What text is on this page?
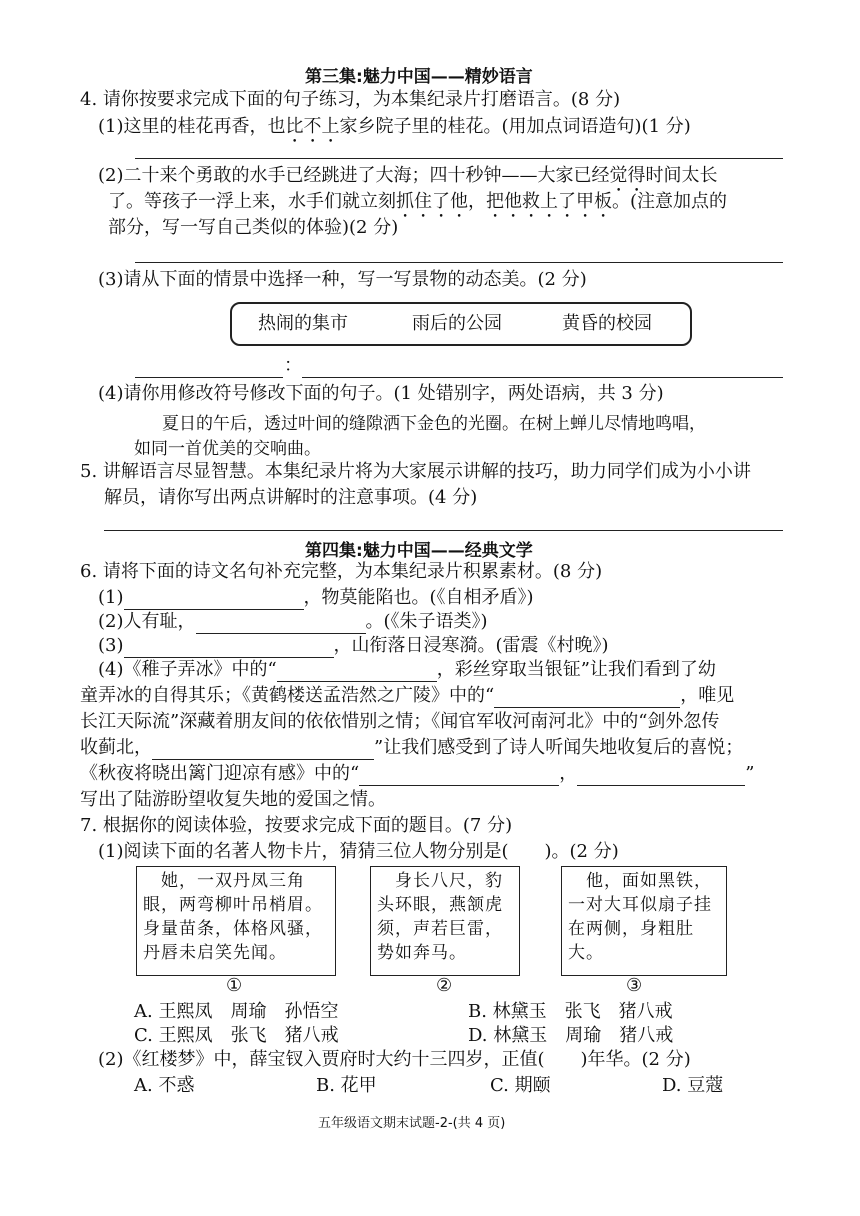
第三集:魅力中国——精妙语言
4. 请你按要求完成下面的句子练习，为本集纪录片打磨语言。(8 分)
(1)这里的桂花再香，也比不上家乡院子里的桂花。(用加点词语造句)(1 分)
(2)二十来个勇敢的水手已经跳进了大海；四十秒钟——大家已经觉得时间太长
了。等孩子一浮上来，水手们就立刻抓住了他，把他救上了甲板。(注意加点的
部分，写一写自己类似的体验)(2 分)
(3)请从下面的情景中选择一种，写一写景物的动态美。(2 分)
热闹的集市	雨后的公园	黄昏的校园
：
(4)请你用修改符号修改下面的句子。(1 处错别字，两处语病，共 3 分)
夏日的午后，透过叶间的缝隙洒下金色的光圈。在树上蝉儿尽情地鸣唱，
如同一首优美的交响曲。
5. 讲解语言尽显智慧。本集纪录片将为大家展示讲解的技巧，助力同学们成为小小讲
解员，请你写出两点讲解时的注意事项。(4 分)
第四集:魅力中国——经典文学
6. 请将下面的诗文名句补充完整，为本集纪录片积累素材。(8 分)
(1)	，物莫能陷也。(《自相矛盾》)
(2)人有耻，	。(《朱子语类》)
(3)	，山衔落日浸寒漪。(雷震《村晚》)
(4)《稚子弄冰》中的“	，彩丝穿取当银钲”让我们看到了幼
童弄冰的自得其乐；《黄鹤楼送孟浩然之广陵》中的“	，唯见
长江天际流”深藏着朋友间的依依惜别之情；《闻官军收河南河北》中的“剑外忽传
收蓟北，	”让我们感受到了诗人听闻失地收复后的喜悦；
《秋夜将晓出篱门迎凉有感》中的“	，	”
写出了陆游盼望收复失地的爱国之情。
7. 根据你的阅读体验，按要求完成下面的题目。(7 分)
(1)阅读下面的名著人物卡片，猜猜三位人物分别是(　　)。(2 分)
　她，一双丹凤三角眼，两弯柳叶吊梢眉。身量苗条，体格风骚，丹唇未启笑先闻。
　身长八尺，豹头环眼，燕颔虎须，声若巨雷，势如奔马。
　他，面如黑铁，一对大耳似扇子挂在两侧，身粗肚大。
①	②	③
A. 王熙凤　周瑜　孙悟空	B. 林黛玉　张飞　猪八戒
C. 王熙凤　张飞　猪八戒	D. 林黛玉　周瑜　猪八戒
(2)《红楼梦》中，薛宝钗入贾府时大约十三四岁，正值(　　)年华。(2 分)
A. 不惑	B. 花甲	C. 期颐	D. 豆蔻
五年级语文期末试题-2-(共 4 页)
